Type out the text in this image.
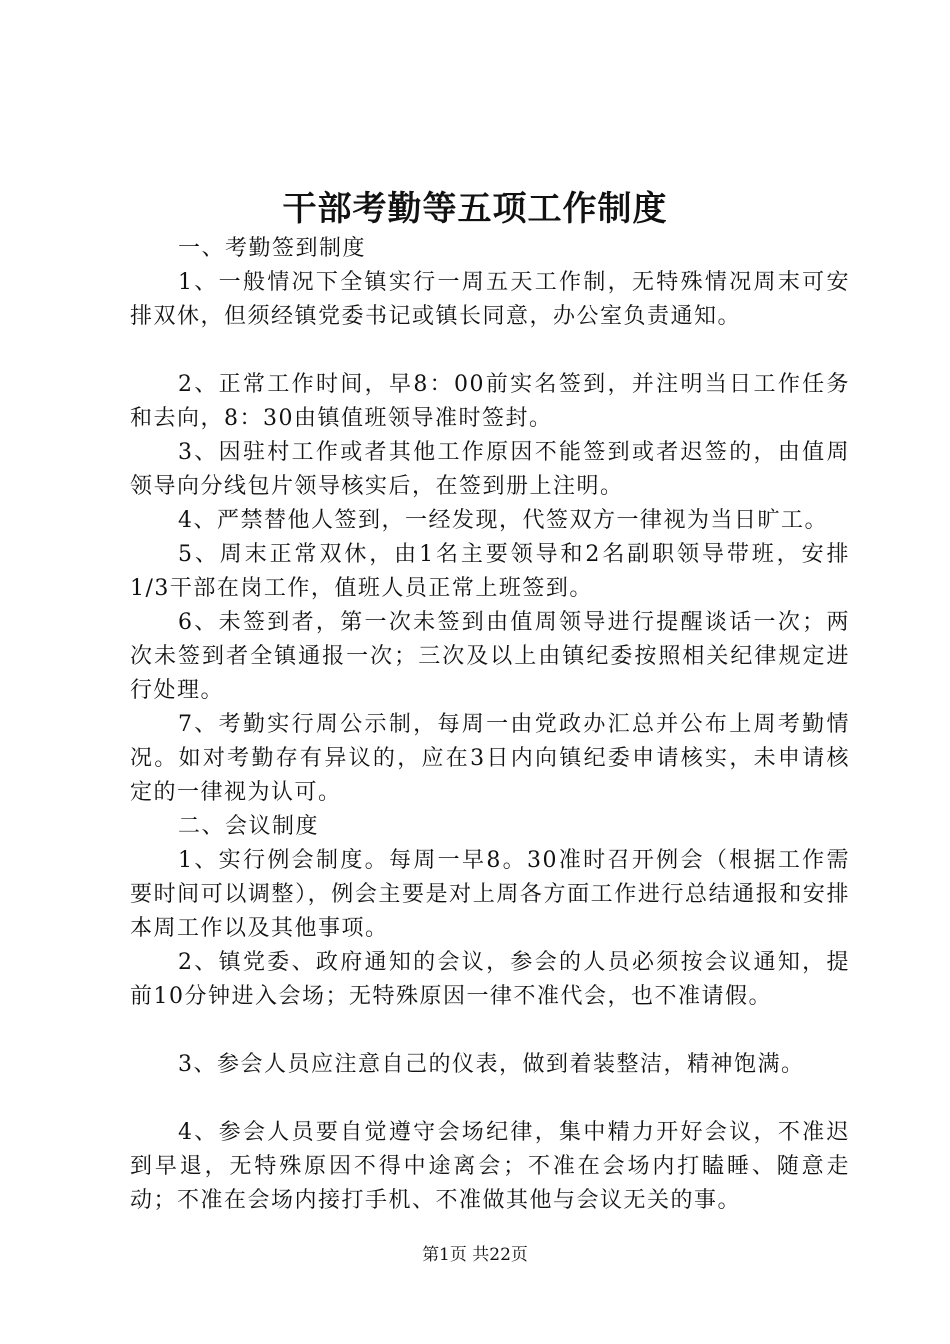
干部考勤等五项工作制度

一、考勤签到制度

1、一般情况下全镇实行一周五天工作制，无特殊情况周末可安排双休，但须经镇党委书记或镇长同意，办公室负责通知。

2、正常工作时间，早8：00前实名签到，并注明当日工作任务和去向，8：30由镇值班领导准时签封。

3、因驻村工作或者其他工作原因不能签到或者迟签的，由值周领导向分线包片领导核实后，在签到册上注明。

4、严禁替他人签到，一经发现，代签双方一律视为当日旷工。

5、周末正常双休，由1名主要领导和2名副职领导带班，安排1/3干部在岗工作，值班人员正常上班签到。

6、未签到者，第一次未签到由值周领导进行提醒谈话一次；两次未签到者全镇通报一次；三次及以上由镇纪委按照相关纪律规定进行处理。

7、考勤实行周公示制，每周一由党政办汇总并公布上周考勤情况。如对考勤存有异议的，应在3日内向镇纪委申请核实，未申请核定的一律视为认可。

二、会议制度

1、实行例会制度。每周一早8。30准时召开例会（根据工作需要时间可以调整），例会主要是对上周各方面工作进行总结通报和安排本周工作以及其他事项。

2、镇党委、政府通知的会议，参会的人员必须按会议通知，提前10分钟进入会场；无特殊原因一律不准代会，也不准请假。

3、参会人员应注意自己的仪表，做到着装整洁，精神饱满。

4、参会人员要自觉遵守会场纪律，集中精力开好会议，不准迟到早退，无特殊原因不得中途离会；不准在会场内打瞌睡、随意走动；不准在会场内接打手机、不准做其他与会议无关的事。

第1页 共22页
